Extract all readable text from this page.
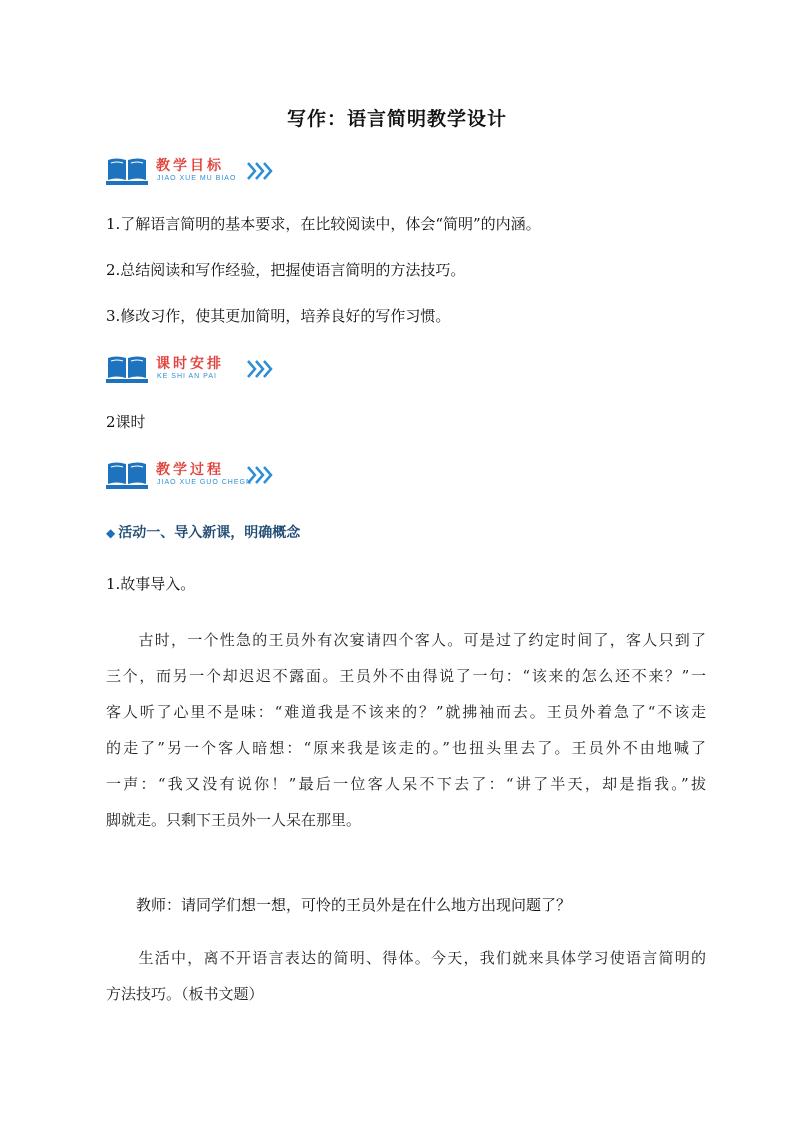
写作：语言简明教学设计
教学目标
JIAO XUE MU BIAO
1.了解语言简明的基本要求，在比较阅读中，体会“简明”的内涵。
2.总结阅读和写作经验，把握使语言简明的方法技巧。
3.修改习作，使其更加简明，培养良好的写作习惯。
课时安排
KE SHI AN PAI
2课时
教学过程
JIAO XUE GUO CHEGN
◆ 活动一、导入新课，明确概念
1.故事导入。
　　古时，一个性急的王员外有次宴请四个客人。可是过了约定时间了，客人只到了
三个，而另一个却迟迟不露面。王员外不由得说了一句：“该来的怎么还不来？”一
客人听了心里不是味：“难道我是不该来的？”就拂袖而去。王员外着急了“不该走
的走了”另一个客人暗想：“原来我是该走的。”也扭头里去了。王员外不由地喊了
一声：“我又没有说你！”最后一位客人呆不下去了：“讲了半天，却是指我。”拔
脚就走。只剩下王员外一人呆在那里。
　　教师：请同学们想一想，可怜的王员外是在什么地方出现问题了？
　　生活中，离不开语言表达的简明、得体。今天，我们就来具体学习使语言简明的
方法技巧。（板书文题）
